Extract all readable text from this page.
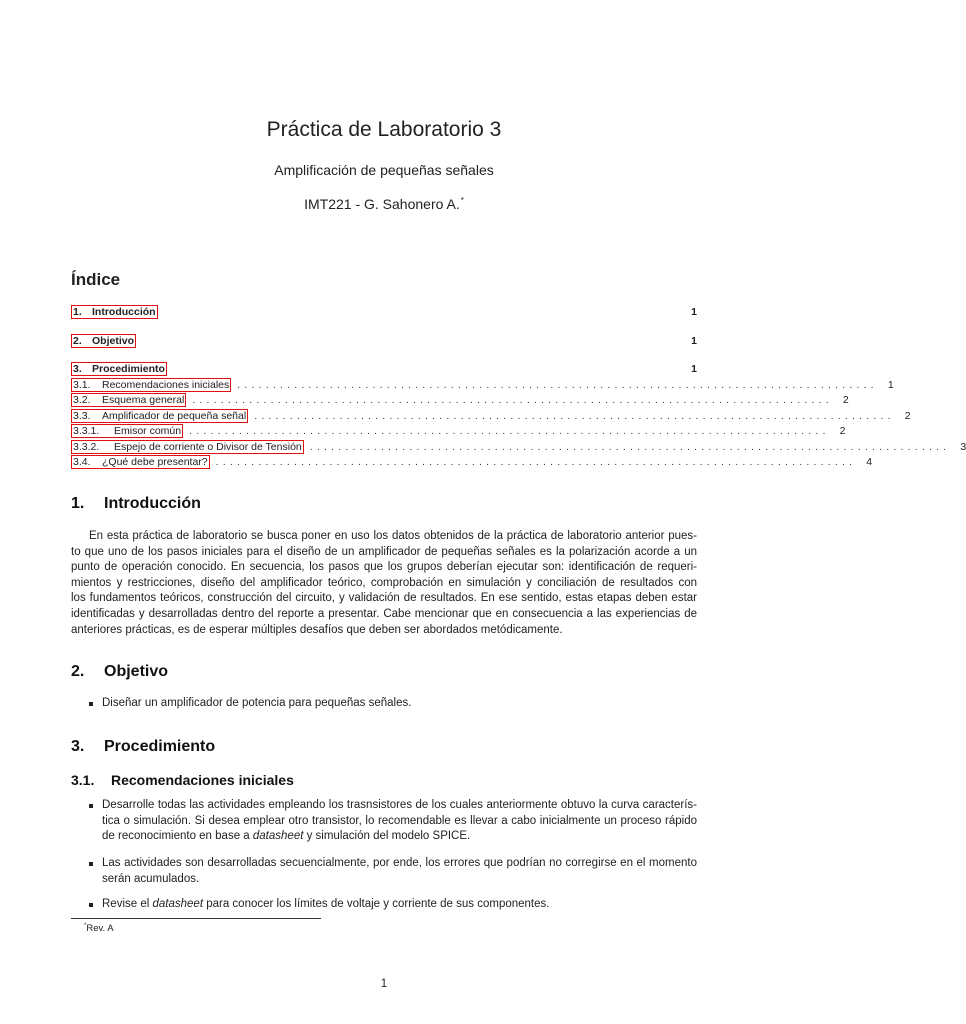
Práctica de Laboratorio 3
Amplificación de pequeñas señales
IMT221 - G. Sahonero A.*
Índice
1. Introducción	1
2. Objetivo	1
3. Procedimiento	1
3.1. Recomendaciones iniciales .......................................................................................... 1
3.2. Esquema general .......................................................................................... 2
3.3. Amplificador de pequeña señal .......................................................................................... 2
3.3.1. Emisor común .......................................................................................... 2
3.3.2. Espejo de corriente o Divisor de Tensión .......................................................................................... 3
3.4. ¿Qué debe presentar? .......................................................................................... 4
1. Introducción
En esta práctica de laboratorio se busca poner en uso los datos obtenidos de la práctica de laboratorio anterior pues-
to que uno de los pasos iniciales para el diseño de un amplificador de pequeñas señales es la polarización acorde a un
punto de operación conocido. En secuencia, los pasos que los grupos deberían ejecutar son: identificación de requeri-
mientos y restricciones, diseño del amplificador teórico, comprobación en simulación y conciliación de resultados con
los fundamentos teóricos, construcción del circuito, y validación de resultados. En ese sentido, estas etapas deben estar
identificadas y desarrolladas dentro del reporte a presentar. Cabe mencionar que en consecuencia a las experiencias de
anteriores prácticas, es de esperar múltiples desafíos que deben ser abordados metódicamente.
2. Objetivo
Diseñar un amplificador de potencia para pequeñas señales.
3. Procedimiento
3.1. Recomendaciones iniciales
Desarrolle todas las actividades empleando los trasnsistores de los cuales anteriormente obtuvo la curva caracterís-
tica o simulación. Si desea emplear otro transistor, lo recomendable es llevar a cabo inicialmente un proceso rápido
de reconocimiento en base a datasheet y simulación del modelo SPICE.
Las actividades son desarrolladas secuencialmente, por ende, los errores que podrían no corregirse en el momento
serán acumulados.
Revise el datasheet para conocer los límites de voltaje y corriente de sus componentes.
*Rev. A
1
